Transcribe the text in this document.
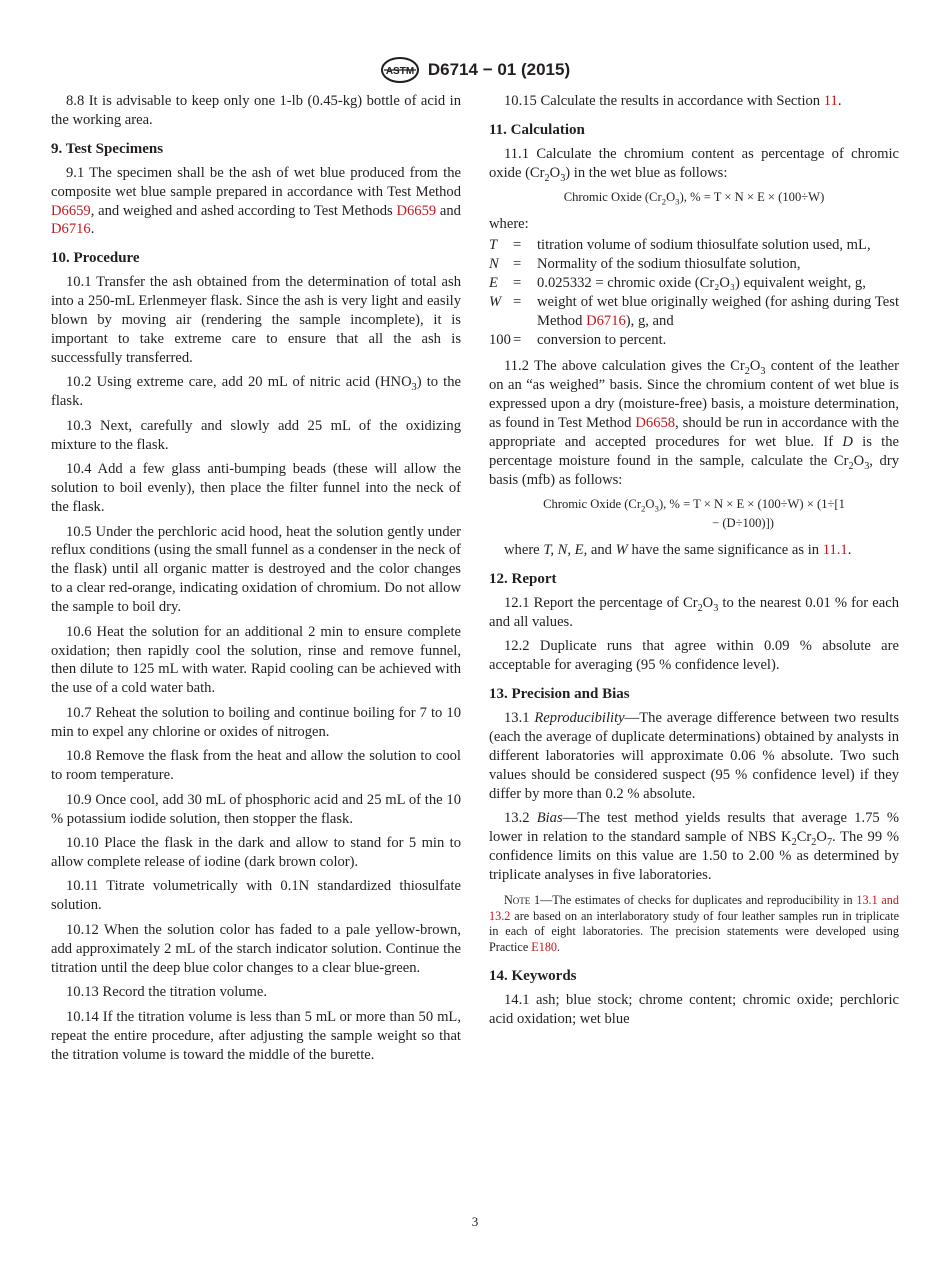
ASTM D6714 − 01 (2015)

8.8 It is advisable to keep only one 1-lb (0.45-kg) bottle of acid in the working area.

9. Test Specimens

9.1 The specimen shall be the ash of wet blue produced from the composite wet blue sample prepared in accordance with Test Method D6659, and weighed and ashed according to Test Methods D6659 and D6716.

10. Procedure

10.1 Transfer the ash obtained from the determination of total ash into a 250-mL Erlenmeyer flask. Since the ash is very light and easily blown by moving air (rendering the sample incomplete), it is important to take extreme care to ensure that all the ash is successfully transferred.

10.2 Using extreme care, add 20 mL of nitric acid $(HNO_3)$ to the flask.

10.3 Next, carefully and slowly add 25 mL of the oxidizing mixture to the flask.

10.4 Add a few glass anti-bumping beads (these will allow the solution to boil evenly), then place the filter funnel into the neck of the flask.

10.5 Under the perchloric acid hood, heat the solution gently under reflux conditions (using the small funnel as a condenser in the neck of the flask) until all organic matter is destroyed and the color changes to a clear red-orange, indicating oxidation of chromium. Do not allow the sample to boil dry.

10.6 Heat the solution for an additional 2 min to ensure complete oxidation; then rapidly cool the solution, rinse and remove funnel, then dilute to 125 mL with water. Rapid cooling can be achieved with the use of a cold water bath.

10.7 Reheat the solution to boiling and continue boiling for 7 to 10 min to expel any chlorine or oxides of nitrogen.

10.8 Remove the flask from the heat and allow the solution to cool to room temperature.

10.9 Once cool, add 30 mL of phosphoric acid and 25 mL of the 10 % potassium iodide solution, then stopper the flask.

10.10 Place the flask in the dark and allow to stand for 5 min to allow complete release of iodine (dark brown color).

10.11 Titrate volumetrically with 0.1N standardized thiosulfate solution.

10.12 When the solution color has faded to a pale yellow-brown, add approximately 2 mL of the starch indicator solution. Continue the titration until the deep blue color changes to a clear blue-green.

10.13 Record the titration volume.

10.14 If the titration volume is less than 5 mL or more than 50 mL, repeat the entire procedure, after adjusting the sample weight so that the titration volume is toward the middle of the burette.

10.15 Calculate the results in accordance with Section 11.

11. Calculation

11.1 Calculate the chromium content as percentage of chromic oxide $(Cr_2O_3)$ in the wet blue as follows:

Chromic Oxide $(Cr_2O_3)$, % = T × N × E × (100÷W)

where:

T	=	titration volume of sodium thiosulfate solution used, mL,
N =	Normality of the sodium thiosulfate solution,
E	=	0.025332 = chromic oxide (Cr₂O₃) equivalent weight, g,
W =	weight of wet blue originally weighed (for ashing during Test Method D6716), g, and
100 =	conversion to percent.

11.2 The above calculation gives the $Cr_2O_3$ content of the leather on an “as weighed” basis. Since the chromium content of wet blue is expressed upon a dry (moisture-free) basis, a moisture determination, as found in Test Method D6658, should be run in accordance with the appropriate and accepted procedures for wet blue. If D is the percentage moisture found in the sample, calculate the $Cr_2O_3$, dry basis (mfb) as follows:

Chromic Oxide $(Cr_2O_3)$, % = T × N × E × (100÷W) × (1÷[1
− (D÷100)])

where T, N, E, and W have the same significance as in 11.1.

12. Report

12.1 Report the percentage of $Cr_2O_3$ to the nearest 0.01 % for each and all values.

12.2 Duplicate runs that agree within 0.09 % absolute are acceptable for averaging (95 % confidence level).

13. Precision and Bias

13.1 Reproducibility—The average difference between two results (each the average of duplicate determinations) obtained by analysts in different laboratories will approximate 0.06 % absolute. Two such values should be considered suspect (95 % confidence level) if they differ by more than 0.2 % absolute.

13.2 Bias—The test method yields results that average 1.75 % lower in relation to the standard sample of NBS $K_2Cr_2O_7$. The 99 % confidence limits on this value are 1.50 to 2.00 % as determined by triplicate analyses in five laboratories.

Note 1—The estimates of checks for duplicates and reproducibility in 13.1 and 13.2 are based on an interlaboratory study of four leather samples run in triplicate in each of eight laboratories. The precision statements were developed using Practice E180.

14. Keywords

14.1 ash; blue stock; chrome content; chromic oxide; perchloric acid oxidation; wet blue

3
